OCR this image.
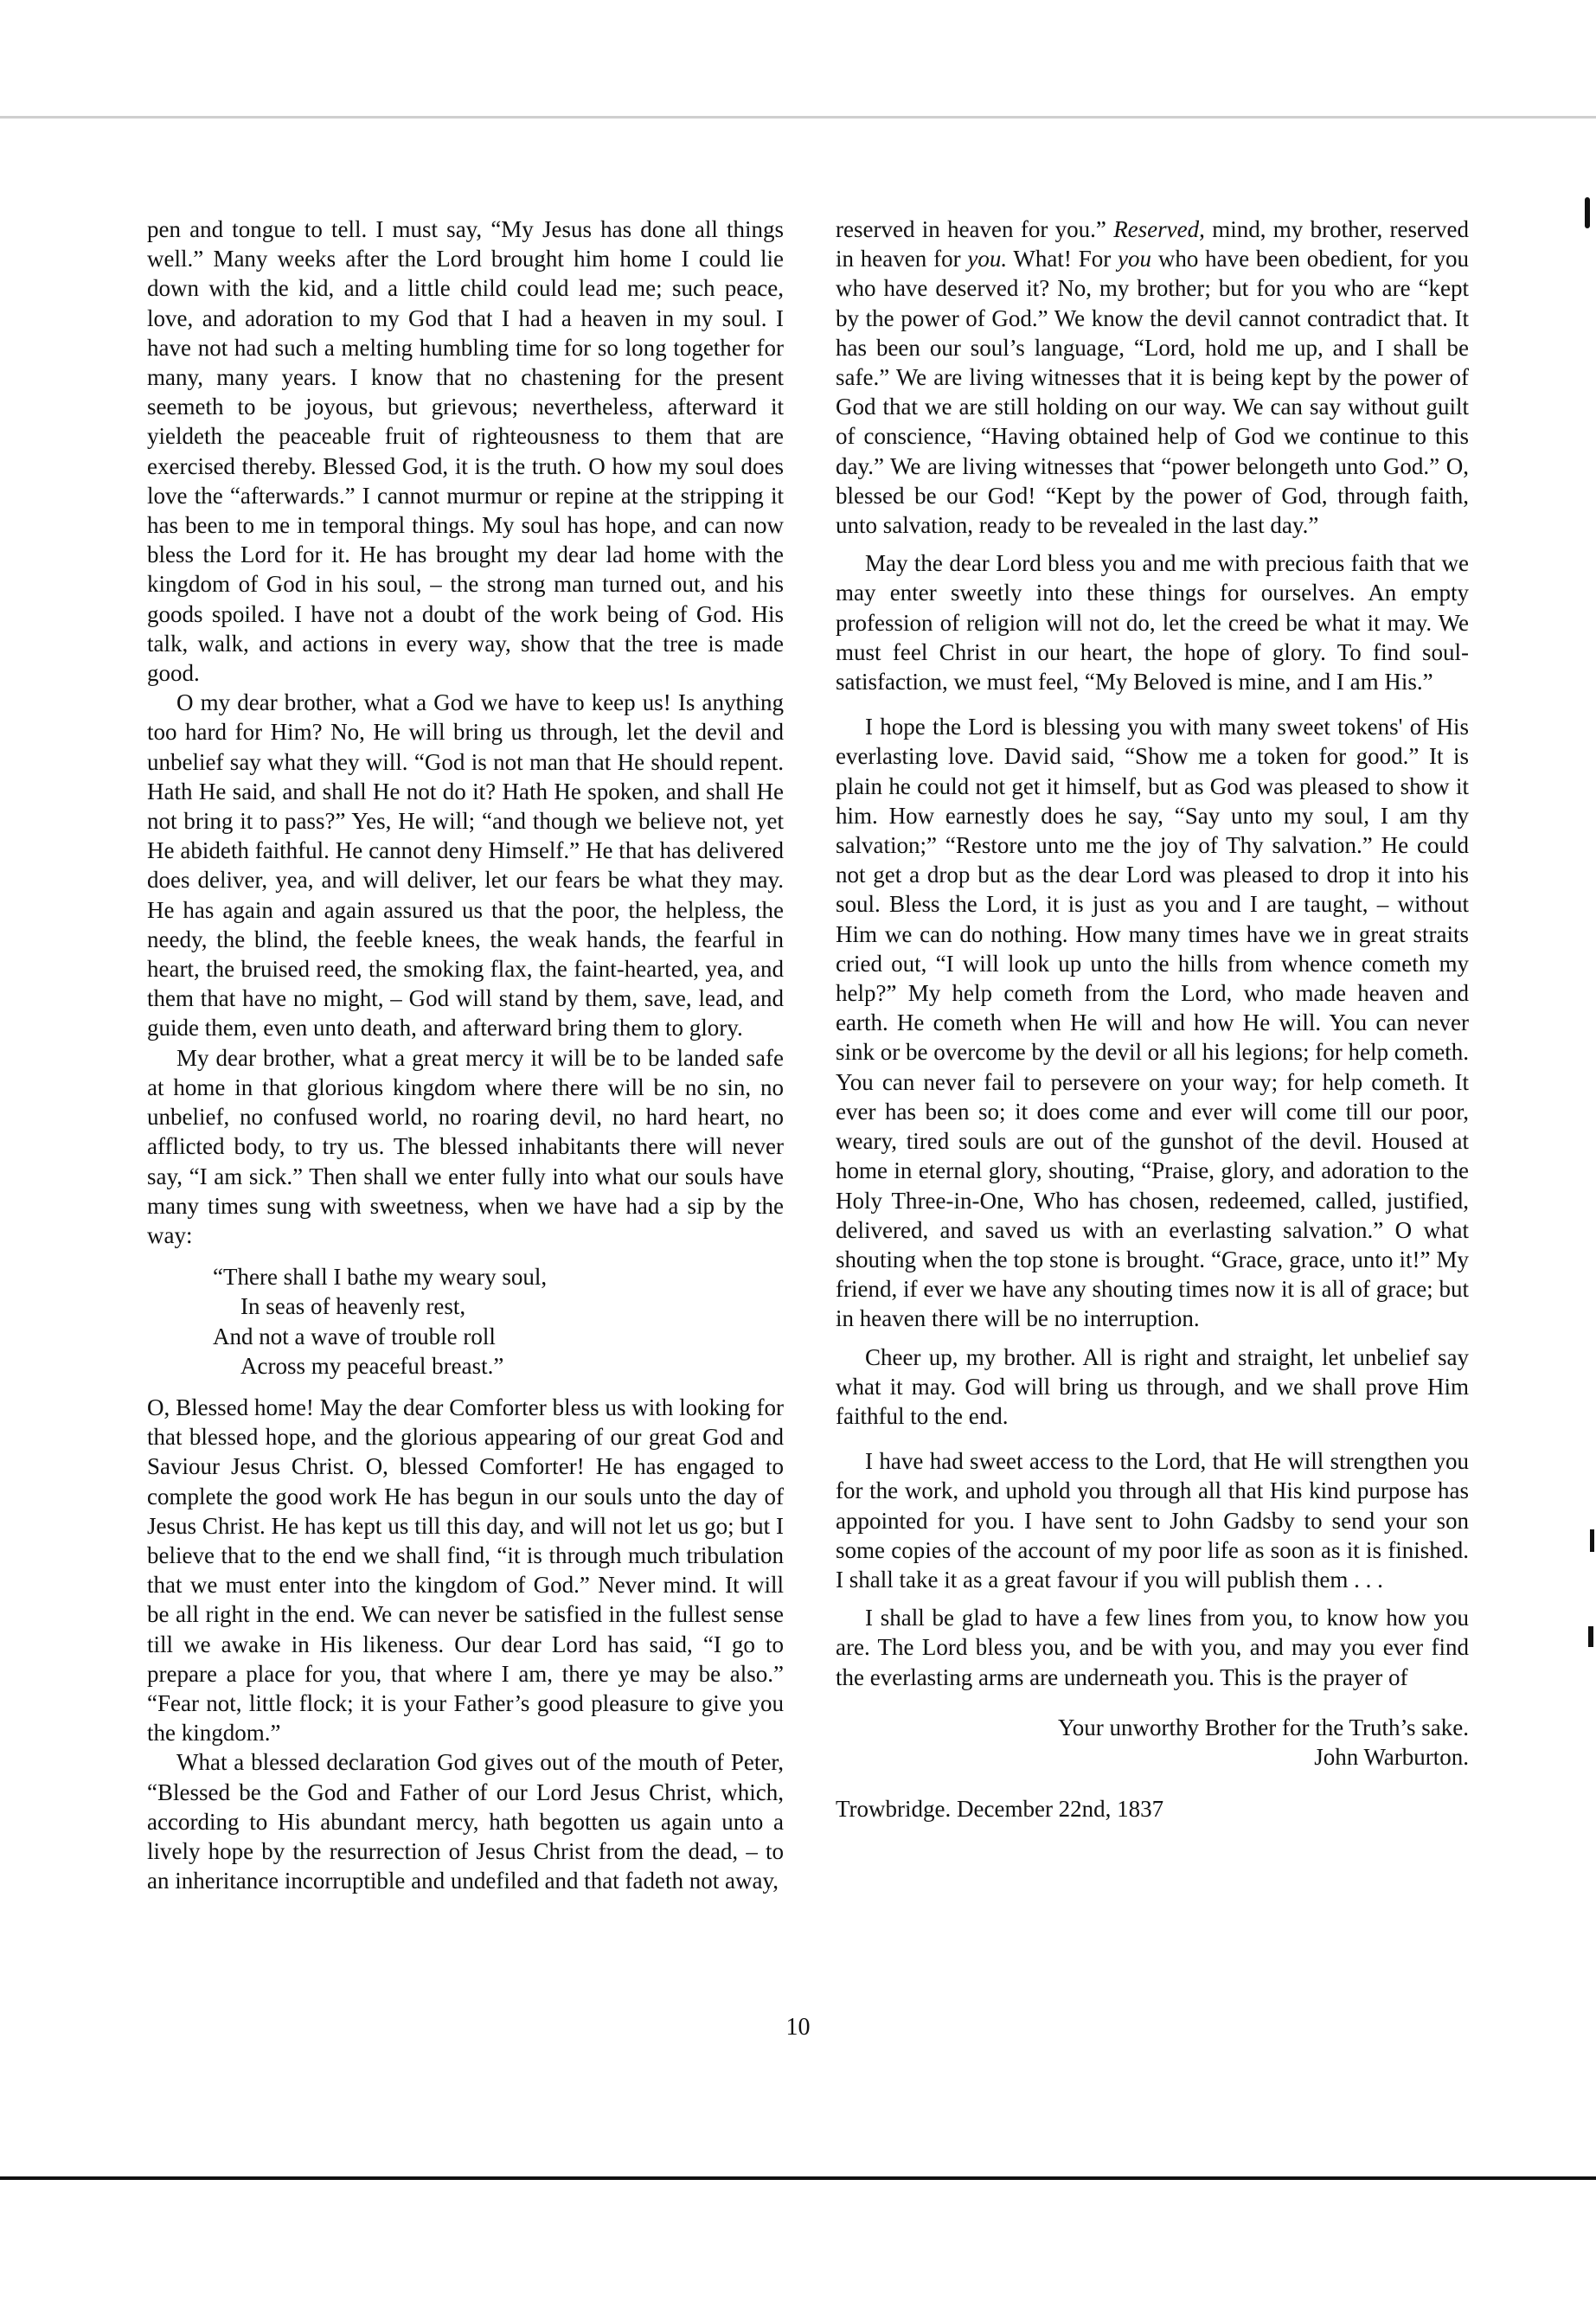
pen and tongue to tell. I must say, “My Jesus has done all things well.” Many weeks after the Lord brought him home I could lie down with the kid, and a little child could lead me; such peace, love, and adoration to my God that I had a heaven in my soul. I have not had such a melting humbling time for so long together for many, many years. I know that no chastening for the present seemeth to be joyous, but grievous; nevertheless, afterward it yieldeth the peaceable fruit of righteousness to them that are exercised thereby. Blessed God, it is the truth. O how my soul does love the “afterwards.” I cannot murmur or repine at the stripping it has been to me in temporal things. My soul has hope, and can now bless the Lord for it. He has brought my dear lad home with the kingdom of God in his soul, – the strong man turned out, and his goods spoiled. I have not a doubt of the work being of God. His talk, walk, and actions in every way, show that the tree is made good.

O my dear brother, what a God we have to keep us! Is anything too hard for Him? No, He will bring us through, let the devil and unbelief say what they will. “God is not man that He should repent. Hath He said, and shall He not do it? Hath He spoken, and shall He not bring it to pass?” Yes, He will; “and though we believe not, yet He abideth faithful. He cannot deny Himself.” He that has delivered does deliver, yea, and will deliver, let our fears be what they may. He has again and again assured us that the poor, the helpless, the needy, the blind, the feeble knees, the weak hands, the fearful in heart, the bruised reed, the smoking flax, the faint-hearted, yea, and them that have no might, – God will stand by them, save, lead, and guide them, even unto death, and afterward bring them to glory.

My dear brother, what a great mercy it will be to be landed safe at home in that glorious kingdom where there will be no sin, no unbelief, no confused world, no roaring devil, no hard heart, no afflicted body, to try us. The blessed inhabitants there will never say, “I am sick.” Then shall we enter fully into what our souls have many times sung with sweetness, when we have had a sip by the way:

“There shall I bathe my weary soul,
In seas of heavenly rest,
And not a wave of trouble roll
Across my peaceful breast.”

O, Blessed home! May the dear Comforter bless us with looking for that blessed hope, and the glorious appearing of our great God and Saviour Jesus Christ. O, blessed Comforter! He has engaged to complete the good work He has begun in our souls unto the day of Jesus Christ. He has kept us till this day, and will not let us go; but I believe that to the end we shall find, “it is through much tribulation that we must enter into the kingdom of God.” Never mind. It will be all right in the end. We can never be satisfied in the fullest sense till we awake in His likeness. Our dear Lord has said, “I go to prepare a place for you, that where I am, there ye may be also.” “Fear not, little flock; it is your Father’s good pleasure to give you the kingdom.”

What a blessed declaration God gives out of the mouth of Peter, “Blessed be the God and Father of our Lord Jesus Christ, which, according to His abundant mercy, hath begotten us again unto a lively hope by the resurrection of Jesus Christ from the dead, – to an inheritance incorruptible and undefiled and that fadeth not away,

reserved in heaven for you.” Reserved, mind, my brother, reserved in heaven for you. What! For you who have been obedient, for you who have deserved it? No, my brother; but for you who are “kept by the power of God.” We know the devil cannot contradict that. It has been our soul’s language, “Lord, hold me up, and I shall be safe.” We are living witnesses that it is being kept by the power of God that we are still holding on our way. We can say without guilt of conscience, “Having obtained help of God we continue to this day.” We are living witnesses that “power belongeth unto God.” O, blessed be our God! “Kept by the power of God, through faith, unto salvation, ready to be revealed in the last day.”

May the dear Lord bless you and me with precious faith that we may enter sweetly into these things for ourselves. An empty profession of religion will not do, let the creed be what it may. We must feel Christ in our heart, the hope of glory. To find soul-satisfaction, we must feel, “My Beloved is mine, and I am His.”

I hope the Lord is blessing you with many sweet tokens' of His everlasting love. David said, “Show me a token for good.” It is plain he could not get it himself, but as God was pleased to show it him. How earnestly does he say, “Say unto my soul, I am thy salvation;” “Restore unto me the joy of Thy salvation.” He could not get a drop but as the dear Lord was pleased to drop it into his soul. Bless the Lord, it is just as you and I are taught, – without Him we can do nothing. How many times have we in great straits cried out, “I will look up unto the hills from whence cometh my help?” My help cometh from the Lord, who made heaven and earth. He cometh when He will and how He will. You can never sink or be overcome by the devil or all his legions; for help cometh. You can never fail to persevere on your way; for help cometh. It ever has been so; it does come and ever will come till our poor, weary, tired souls are out of the gunshot of the devil. Housed at home in eternal glory, shouting, “Praise, glory, and adoration to the Holy Three-in-One, Who has chosen, redeemed, called, justified, delivered, and saved us with an everlasting salvation.” O what shouting when the top stone is brought. “Grace, grace, unto it!” My friend, if ever we have any shouting times now it is all of grace; but in heaven there will be no interruption.

Cheer up, my brother. All is right and straight, let unbelief say what it may. God will bring us through, and we shall prove Him faithful to the end.

I have had sweet access to the Lord, that He will strengthen you for the work, and uphold you through all that His kind purpose has appointed for you. I have sent to John Gadsby to send your son some copies of the account of my poor life as soon as it is finished. I shall take it as a great favour if you will publish them . . .

I shall be glad to have a few lines from you, to know how you are. The Lord bless you, and be with you, and may you ever find the everlasting arms are underneath you. This is the prayer of

Your unworthy Brother for the Truth’s sake.
John Warburton.
Trowbridge. December 22nd, 1837
10
